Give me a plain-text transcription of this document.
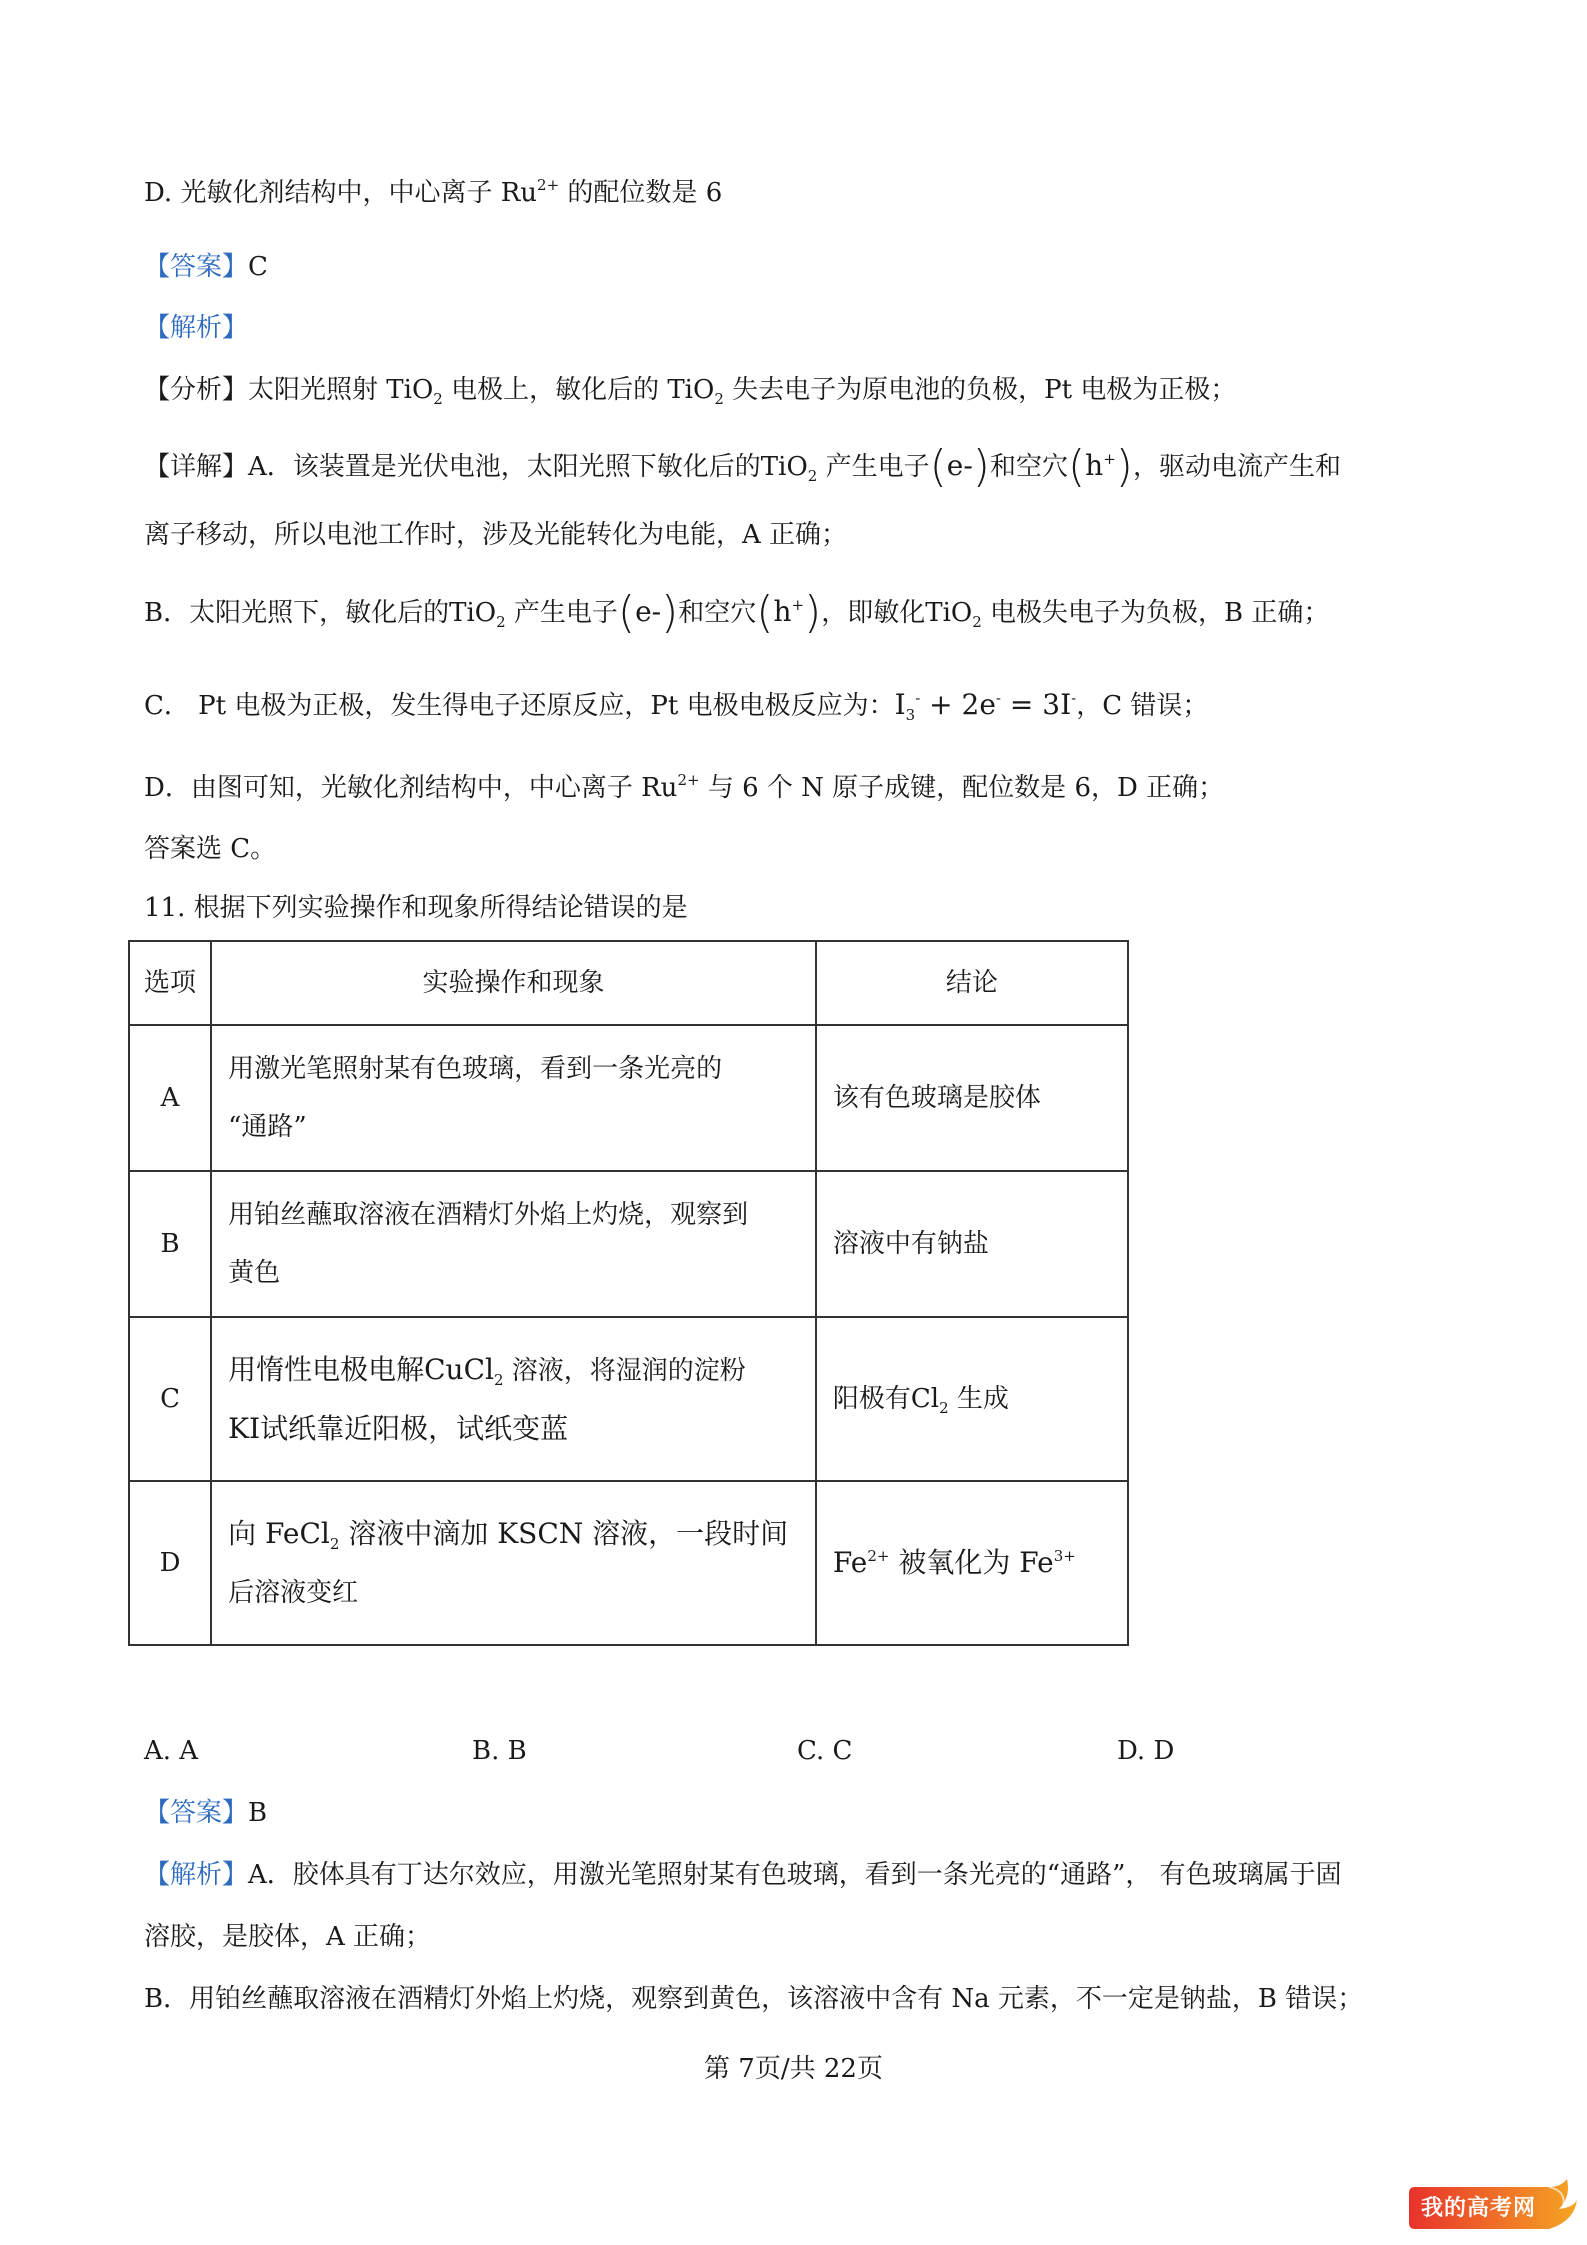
D. 光敏化剂结构中，中心离子 $Ru^{2+}$ 的配位数是 6
【答案】C
【解析】
【分析】太阳光照射 TiO$_2$ 电极上，敏化后的 TiO$_2$ 失去电子为原电池的负极，Pt 电极为正极；
【详解】A．该装置是光伏电池，太阳光照下敏化后的TiO$_2$ 产生电子(e-)和空穴(h+)，驱动电流产生和
离子移动，所以电池工作时，涉及光能转化为电能，A 正确；
B．太阳光照下，敏化后的TiO$_2$ 产生电子(e-)和空穴(h+)，即敏化TiO$_2$ 电极失电子为负极，B 正确；
C． Pt 电极为正极，发生得电子还原反应，Pt 电极电极反应为：$I_3^- + 2e^- = 3I^-$，C 错误；
D．由图可知，光敏化剂结构中，中心离子 $Ru^{2+}$ 与 6 个 N 原子成键，配位数是 6，D 正确；
答案选 C。
11. 根据下列实验操作和现象所得结论错误的是
选项	实验操作和现象	结论
A	用激光笔照射某有色玻璃，看到一条光亮的
“通路”	该有色玻璃是胶体
B	用铂丝蘸取溶液在酒精灯外焰上灼烧，观察到
黄色	溶液中有钠盐
C	用惰性电极电解CuCl$_2$ 溶液，将湿润的淀粉
KI试纸靠近阳极，试纸变蓝	阳极有$Cl_2$ 生成
D	向 FeCl$_2$ 溶液中滴加 KSCN 溶液，一段时间
后溶液变红	$Fe^{2+}$ 被氧化为 $Fe^{3+}$
A. A	B. B	C. C	D. D
【答案】B
【解析】A．胶体具有丁达尔效应，用激光笔照射某有色玻璃，看到一条光亮的“通路”， 有色玻璃属于固
溶胶，是胶体，A 正确；
B．用铂丝蘸取溶液在酒精灯外焰上灼烧，观察到黄色，该溶液中含有 Na 元素，不一定是钠盐，B 错误；
第 7页/共 22页
我的高考网
